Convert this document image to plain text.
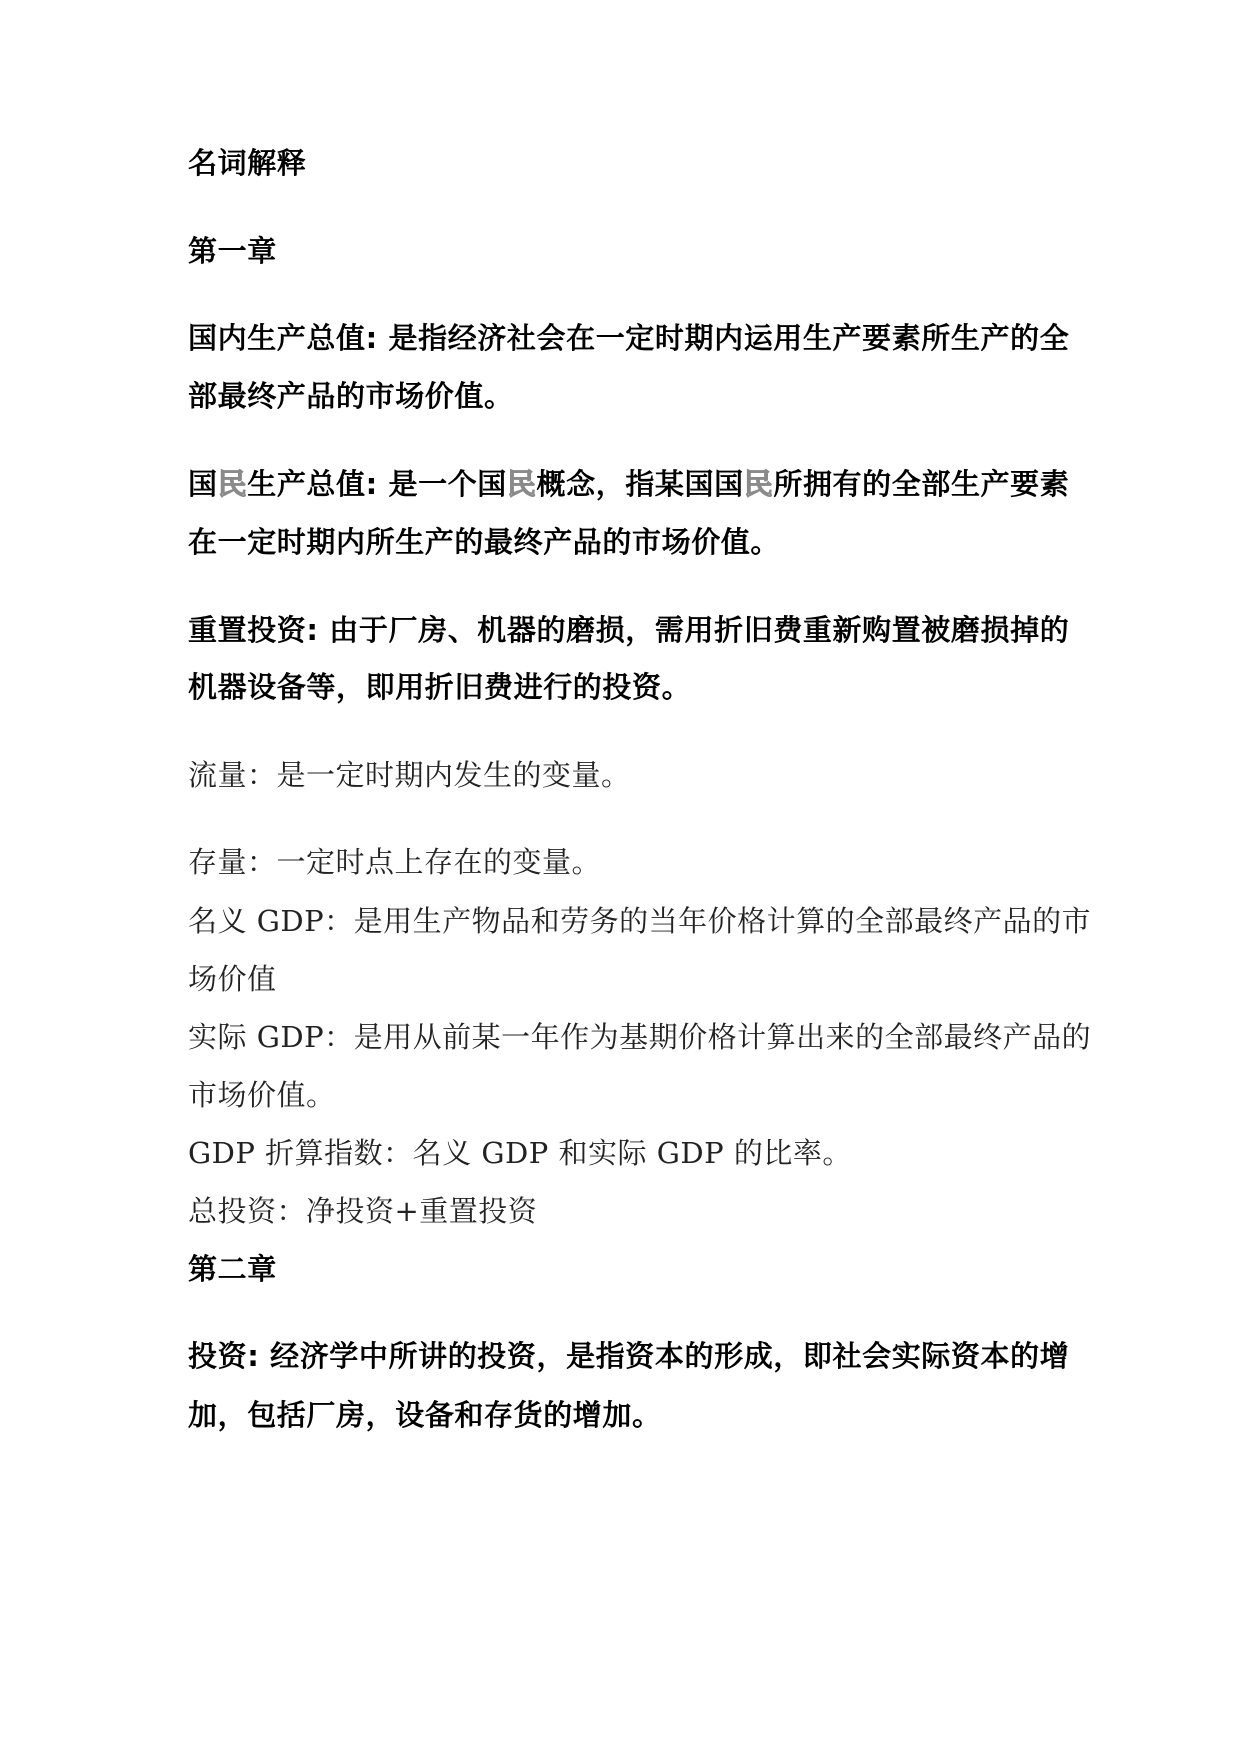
名词解释
第一章
国内生产总值: 是指经济社会在一定时期内运用生产要素所生产的全
部最终产品的市场价值。
国民生产总值: 是一个国民概念，指某国国民所拥有的全部生产要素
在一定时期内所生产的最终产品的市场价值。
重置投资: 由于厂房、机器的磨损，需用折旧费重新购置被磨损掉的
机器设备等，即用折旧费进行的投资。
流量：是一定时期内发生的变量。
存量：一定时点上存在的变量。
名义 GDP：是用生产物品和劳务的当年价格计算的全部最终产品的市
场价值
实际 GDP：是用从前某一年作为基期价格计算出来的全部最终产品的
市场价值。
GDP 折算指数：名义 GDP 和实际 GDP 的比率。
总投资：净投资+重置投资
第二章
投资: 经济学中所讲的投资，是指资本的形成，即社会实际资本的增
加，包括厂房，设备和存货的增加。
